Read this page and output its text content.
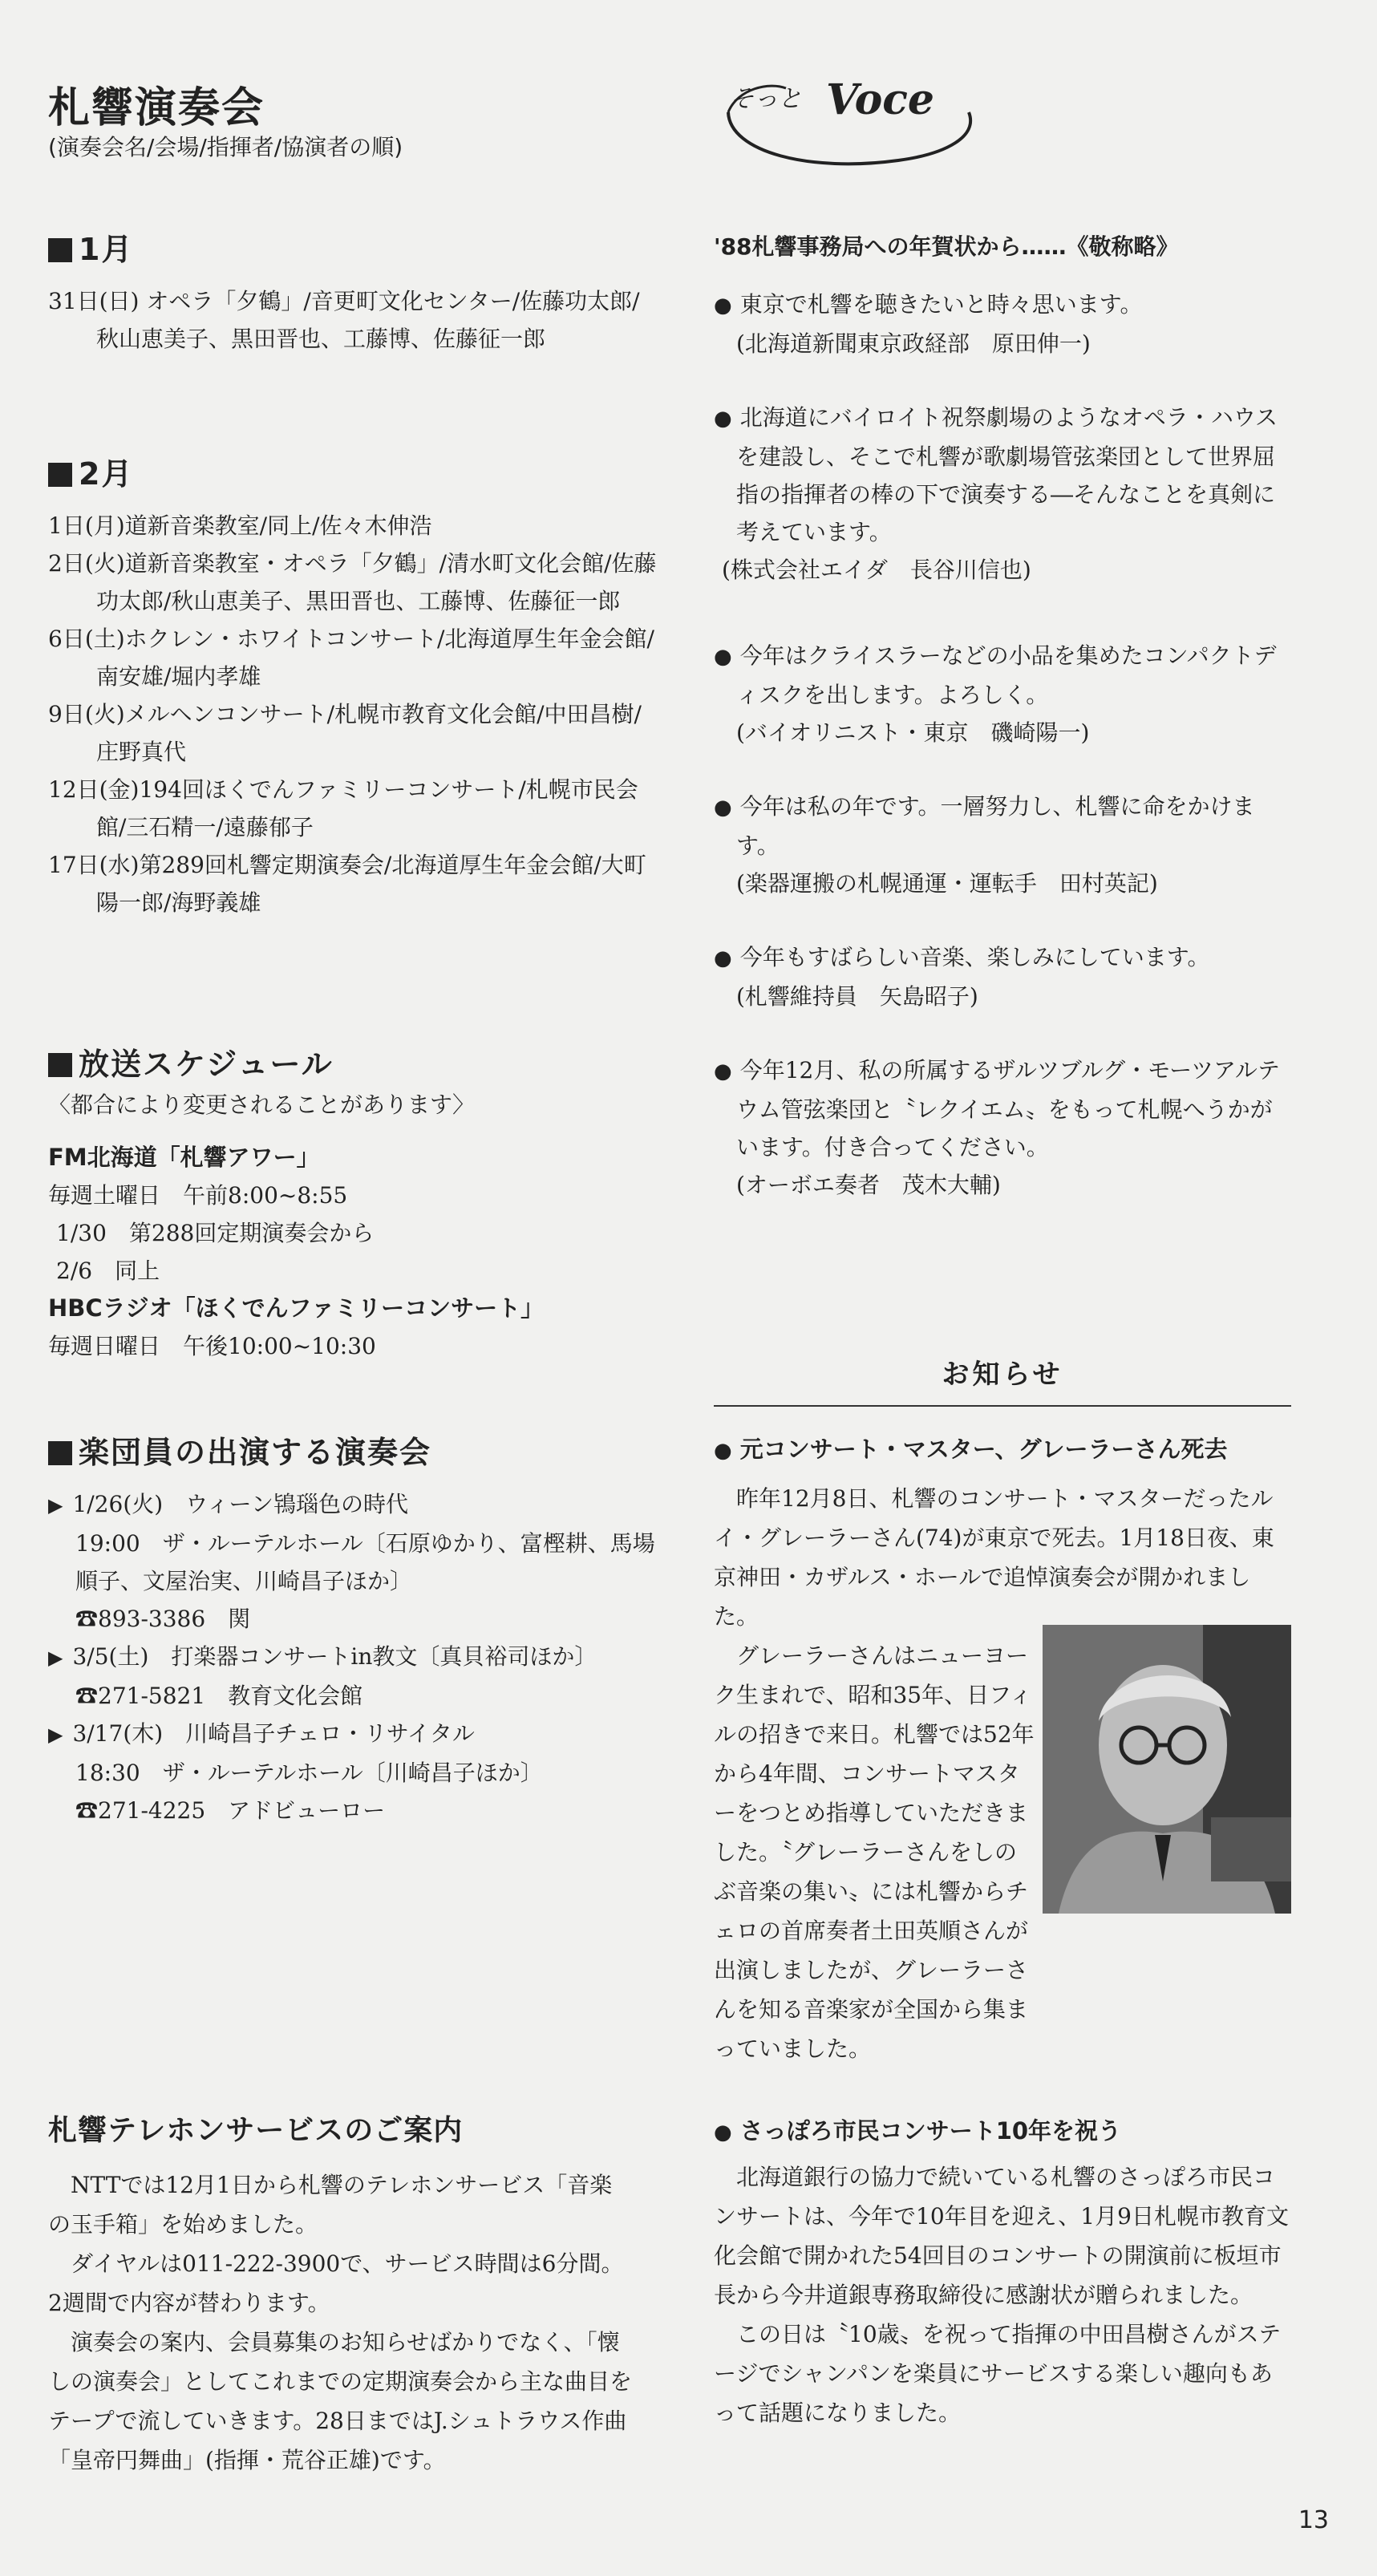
札響演奏会
(演奏会名/会場/指揮者/協演者の順)
1月

31日(日) オペラ「夕鶴」/音更町文化センター/佐藤功太郎/秋山恵美子、黒田晋也、工藤博、佐藤征一郎

2月

1日(月)道新音楽教室/同上/佐々木伸浩

2日(火)道新音楽教室・オペラ「夕鶴」/清水町文化会館/佐藤功太郎/秋山恵美子、黒田晋也、工藤博、佐藤征一郎

6日(土)ホクレン・ホワイトコンサート/北海道厚生年金会館/南安雄/堀内孝雄

9日(火)メルヘンコンサート/札幌市教育文化会館/中田昌樹/庄野真代

12日(金)194回ほくでんファミリーコンサート/札幌市民会館/三石精一/遠藤郁子

17日(水)第289回札響定期演奏会/北海道厚生年金会館/大町陽一郎/海野義雄

放送スケジュール
〈都合により変更されることがあります〉
FM北海道「札響アワー」
毎週土曜日　午前8:00~8:55
1/30　第288回定期演奏会から
2/6　同上
HBCラジオ「ほくでんファミリーコンサート」
毎週日曜日　午後10:00~10:30
楽団員の出演する演奏会
▶ 1/26(火)　ウィーン鴇瑙色の時代
19:00　ザ・ルーテルホール〔石原ゆかり、富樫耕、馬場順子、文屋治実、川崎昌子ほか〕
☎893-3386　関
▶ 3/5(土)　打楽器コンサートin教文〔真貝裕司ほか〕☎271-5821　教育文化会館
▶ 3/17(木)　川崎昌子チェロ・リサイタル
18:30　ザ・ルーテルホール〔川崎昌子ほか〕
☎271-4225　アドビューロー
札響テレホンサービスのご案内

NTTでは12月1日から札響のテレホンサービス「音楽の玉手箱」を始めました。

ダイヤルは011-222-3900で、サービス時間は6分間。2週間で内容が替わります。

演奏会の案内、会員募集のお知らせばかりでなく、「懐しの演奏会」としてこれまでの定期演奏会から主な曲目をテープで流していきます。28日まではJ.シュトラウス作曲「皇帝円舞曲」(指揮・荒谷正雄)です。

そっと Voce
'88札響事務局への年賀状から……《敬称略》

● 東京で札響を聴きたいと時々思います。

(北海道新聞東京政経部　原田伸一)

● 北海道にバイロイト祝祭劇場のようなオペラ・ハウスを建設し、そこで札響が歌劇場管弦楽団として世界屈指の指揮者の棒の下で演奏する―そんなことを真剣に考えています。

(株式会社エイダ　長谷川信也)

● 今年はクライスラーなどの小品を集めたコンパクトディスクを出します。よろしく。

(バイオリニスト・東京　磯崎陽一)

● 今年は私の年です。一層努力し、札響に命をかけます。

(楽器運搬の札幌通運・運転手　田村英記)

● 今年もすばらしい音楽、楽しみにしています。

(札響維持員　矢島昭子)

● 今年12月、私の所属するザルツブルグ・モーツアルテウム管弦楽団と〝レクイエム〟をもって札幌へうかがいます。付き合ってください。

(オーボエ奏者　茂木大輔)
お知らせ
● 元コンサート・マスター、グレーラーさん死去

昨年12月8日、札響のコンサート・マスターだったルイ・グレーラーさん(74)が東京で死去。1月18日夜、東京神田・カザルス・ホールで追悼演奏会が開かれました。

グレーラーさんはニューヨーク生まれで、昭和35年、日フィルの招きで来日。札響では52年から4年間、コンサートマスターをつとめ指導していただきました。〝グレーラーさんをしのぶ音楽の集い〟には札響からチェロの首席奏者土田英順さんが出演しましたが、グレーラーさんを知る音楽家が全国から集まっていました。

● さっぽろ市民コンサート10年を祝う

北海道銀行の協力で続いている札響のさっぽろ市民コンサートは、今年で10年目を迎え、1月9日札幌市教育文化会館で開かれた54回目のコンサートの開演前に板垣市長から今井道銀専務取締役に感謝状が贈られました。

この日は〝10歳〟を祝って指揮の中田昌樹さんがステージでシャンパンを楽員にサービスする楽しい趣向もあって話題になりました。

13
